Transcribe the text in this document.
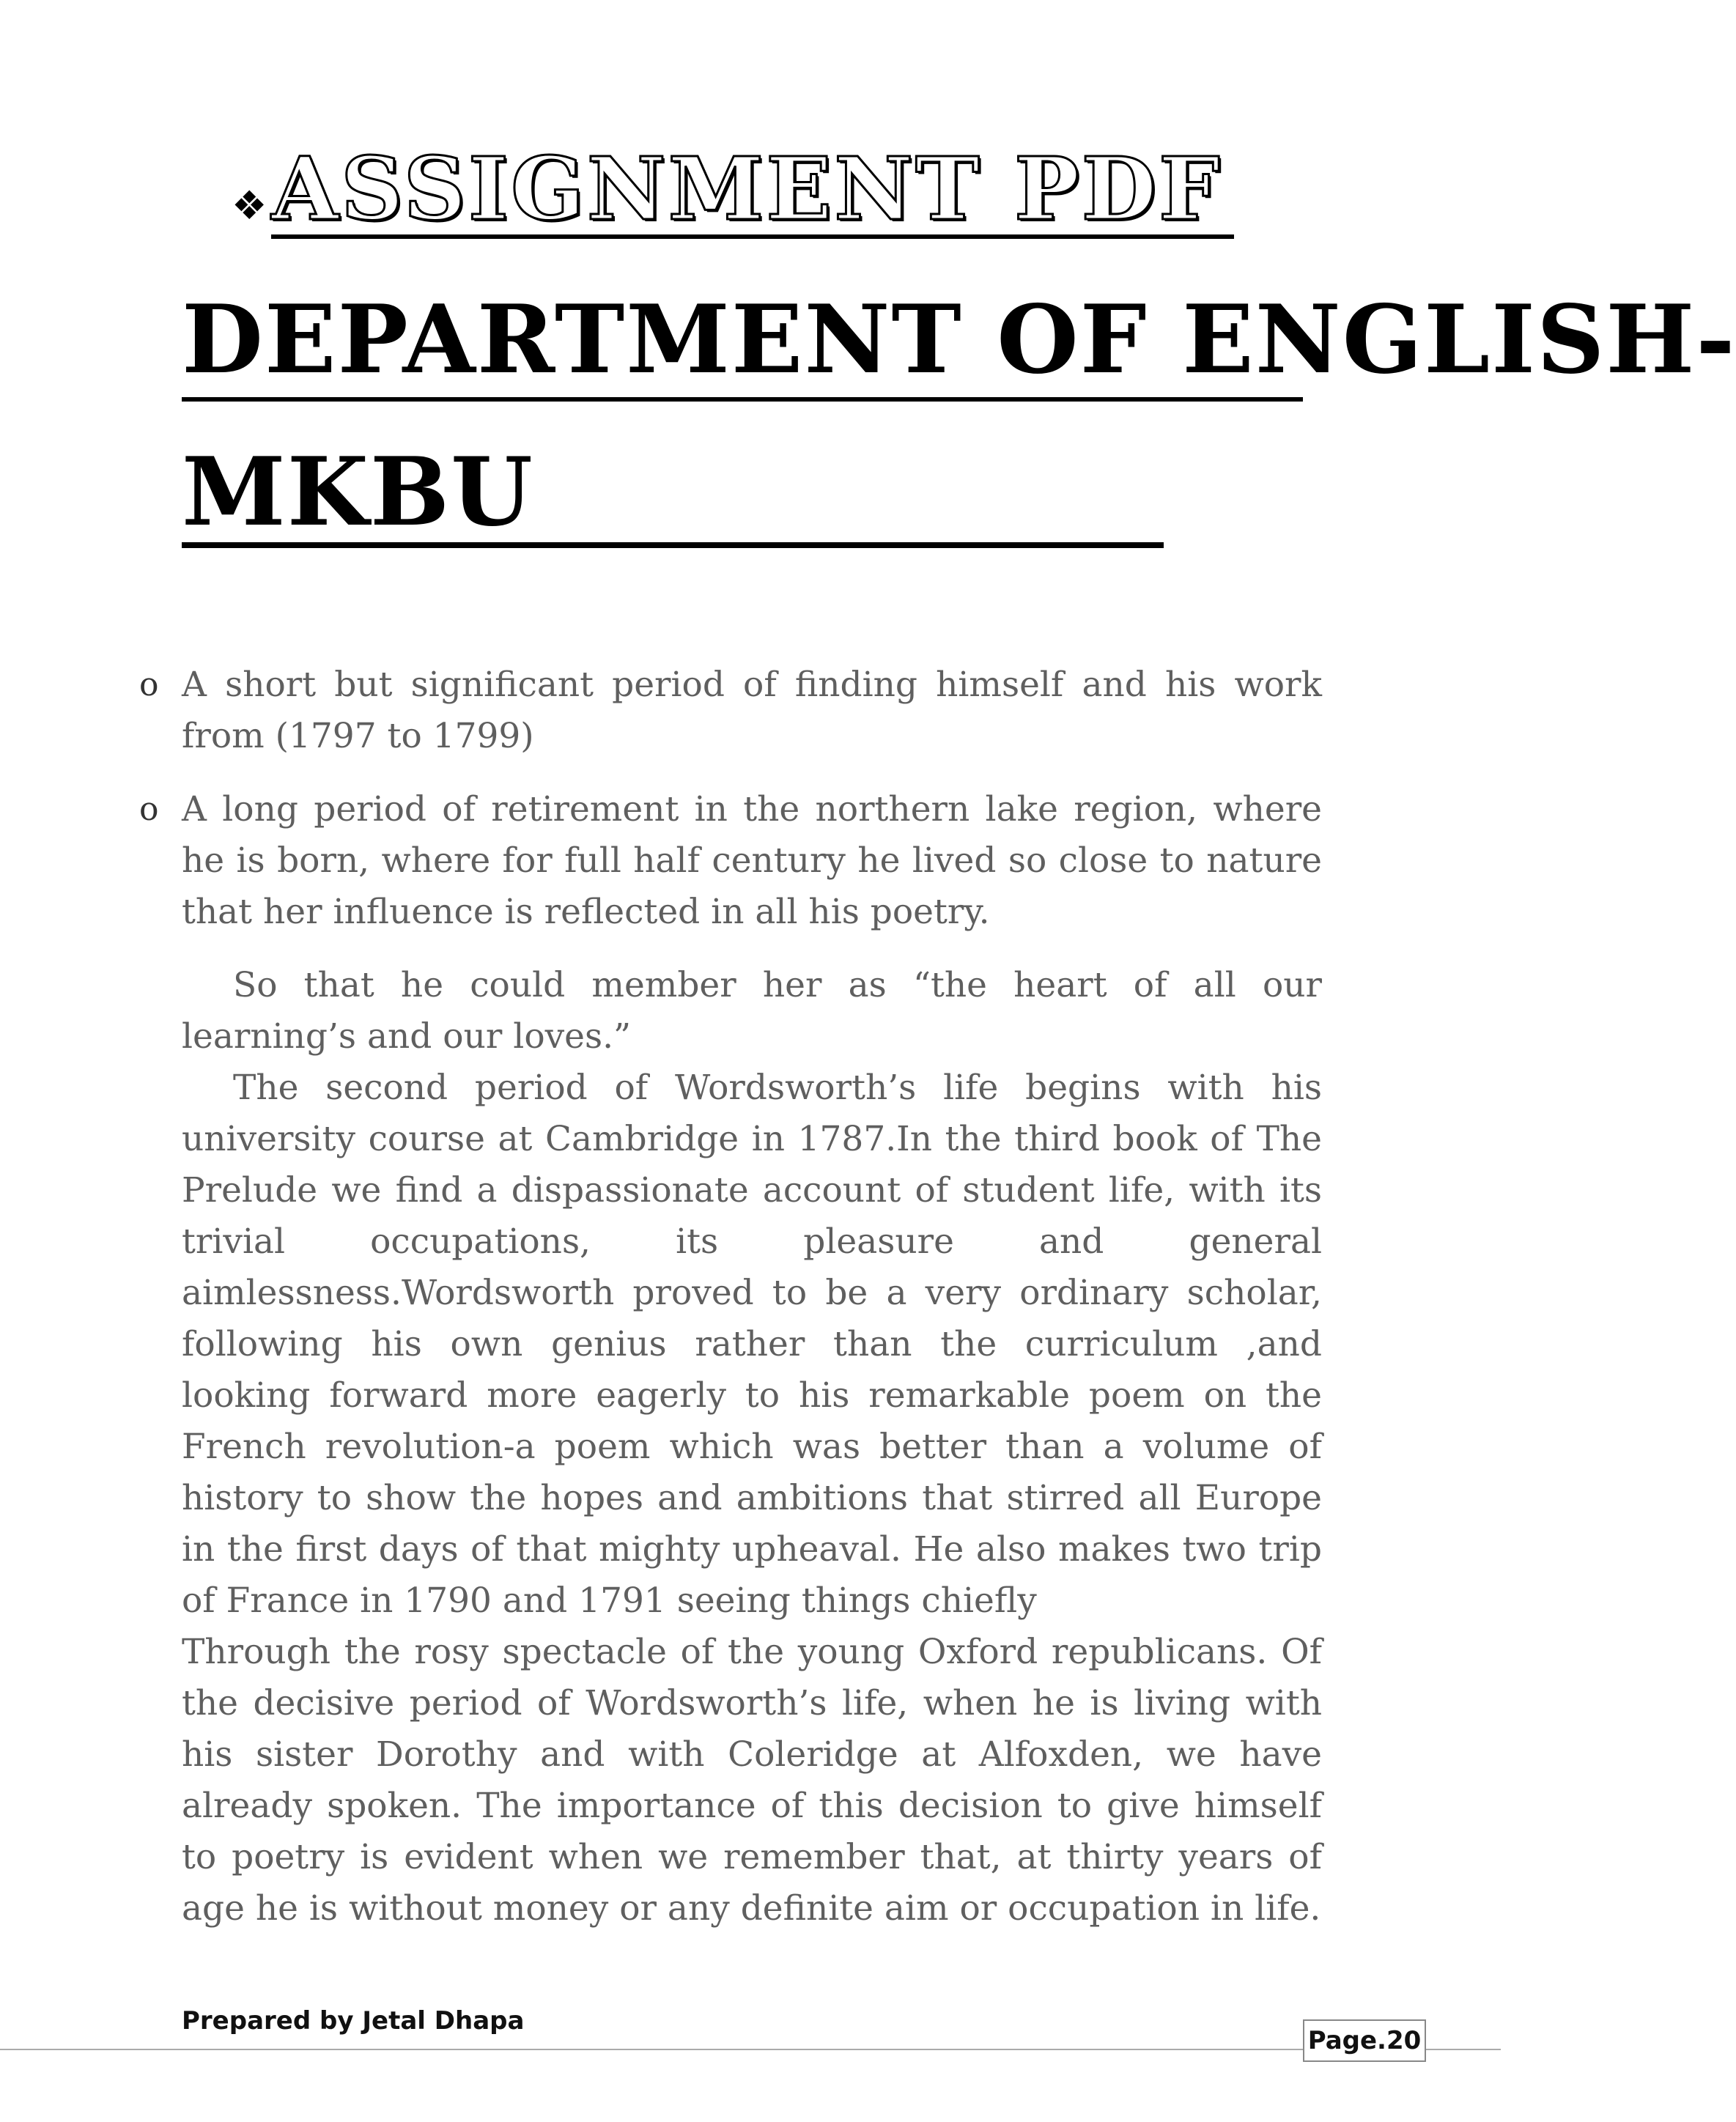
❖ ASSIGNMENT PDF
DEPARTMENT OF ENGLISH-
MKBU
o A short but significant period of finding himself and his work from (1797 to 1799)
o A long period of retirement in the northern lake region, where he is born, where for full half century he lived so close to nature that her influence is reflected in all his poetry.

So that he could member her as “the heart of all our learning’s and our loves.”

The second period of Wordsworth’s life begins with his university course at Cambridge in 1787.In the third book of The Prelude we find a dispassionate account of student life, with its trivial occupations, its pleasure and general aimlessness.Wordsworth proved to be a very ordinary scholar, following his own genius rather than the curriculum ,and looking forward more eagerly to his remarkable poem on the French revolution-a poem which was better than a volume of history to show the hopes and ambitions that stirred all Europe in the first days of that mighty upheaval. He also makes two trip of France in 1790 and 1791 seeing things chiefly

Through the rosy spectacle of the young Oxford republicans. Of the decisive period of Wordsworth’s life, when he is living with his sister Dorothy and with Coleridge at Alfoxden, we have already spoken. The importance of this decision to give himself to poetry is evident when we remember that, at thirty years of age he is without money or any definite aim or occupation in life.

Prepared by Jetal Dhapa
Page.20
